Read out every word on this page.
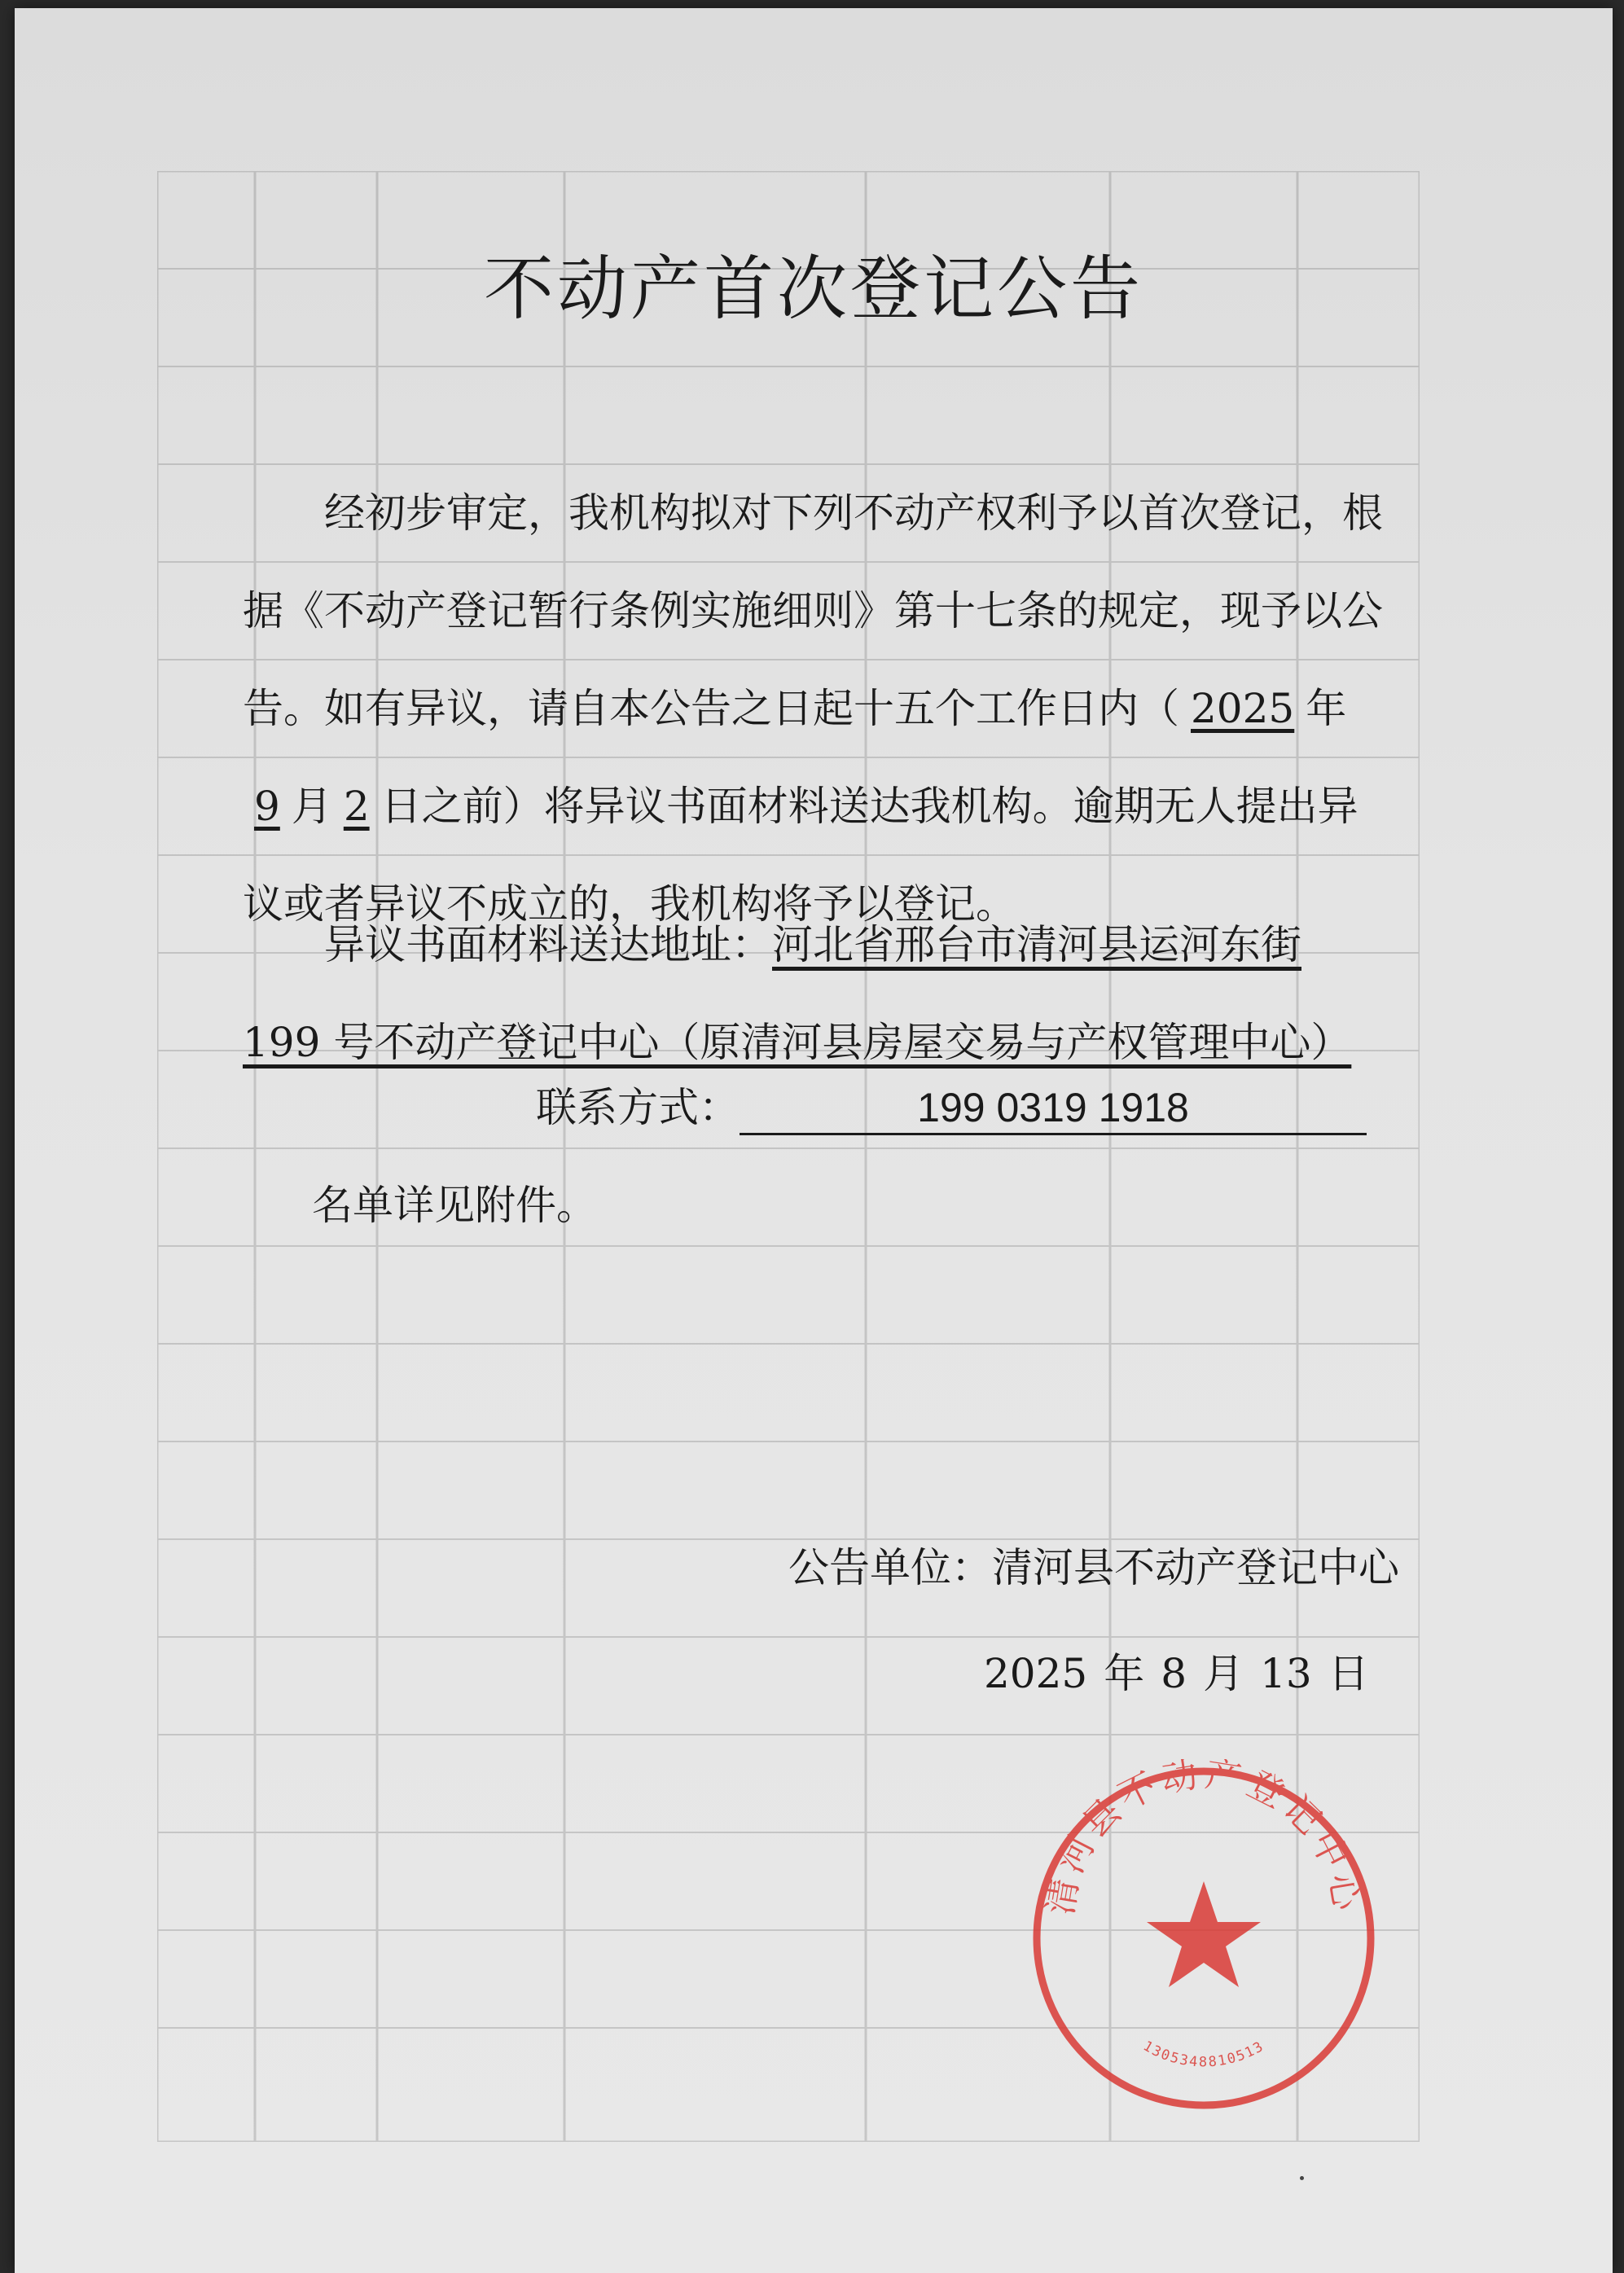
不动产首次登记公告
经初步审定，我机构拟对下列不动产权利予以首次登记，根据《不动产登记暂行条例实施细则》第十七条的规定，现予以公告。如有异议，请自本公告之日起十五个工作日内（ 2025 年9 月 2 日之前）将异议书面材料送达我机构。逾期无人提出异议或者异议不成立的，我机构将予以登记。
异议书面材料送达地址：河北省邢台市清河县运河东街 199 号不动产登记中心（原清河县房屋交易与产权管理中心）
联系方式：	199 0319 1918
名单详见附件。
公告单位：清河县不动产登记中心
2025 年 8 月 13 日
清河县不动产登记中心
1305348810513
